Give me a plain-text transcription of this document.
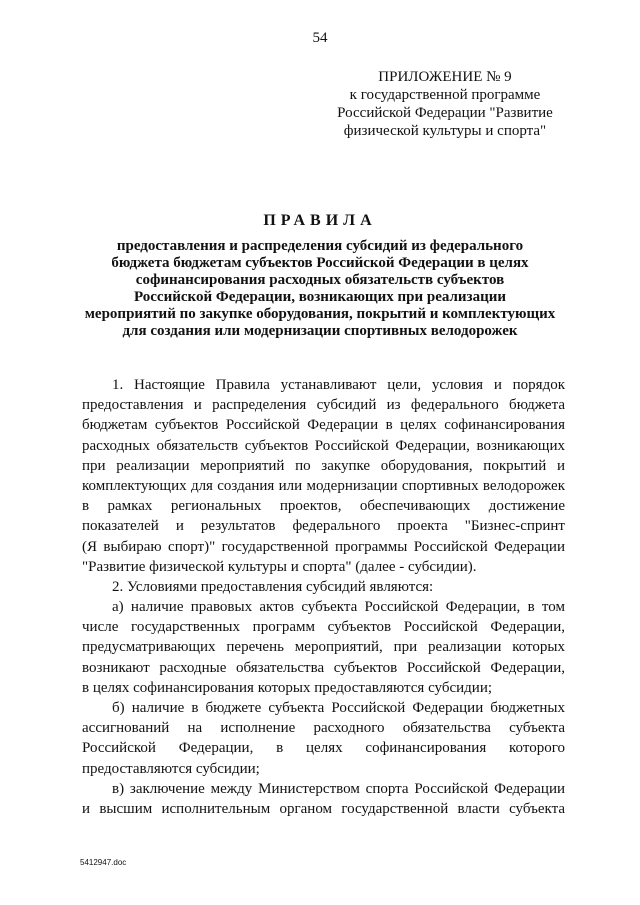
54
ПРИЛОЖЕНИЕ № 9
к государственной программе
Российской Федерации "Развитие
физической культуры и спорта"
ПРАВИЛА
предоставления и распределения субсидий из федерального
бюджета бюджетам субъектов Российской Федерации в целях
софинансирования расходных обязательств субъектов
Российской Федерации, возникающих при реализации
мероприятий по закупке оборудования, покрытий и комплектующих
для создания или модернизации спортивных велодорожек
1. Настоящие Правила устанавливают цели, условия и порядок
предоставления и распределения субсидий из федерального бюджета
бюджетам субъектов Российской Федерации в целях софинансирования
расходных обязательств субъектов Российской Федерации, возникающих
при реализации мероприятий по закупке оборудования, покрытий и
комплектующих для создания или модернизации спортивных велодорожек
в рамках региональных проектов, обеспечивающих достижение
показателей и результатов федерального проекта "Бизнес-спринт
(Я выбираю спорт)" государственной программы Российской Федерации
"Развитие физической культуры и спорта" (далее - субсидии).
2. Условиями предоставления субсидий являются:
а) наличие правовых актов субъекта Российской Федерации, в том
числе государственных программ субъектов Российской Федерации,
предусматривающих перечень мероприятий, при реализации которых
возникают расходные обязательства субъектов Российской Федерации,
в целях софинансирования которых предоставляются субсидии;
б) наличие в бюджете субъекта Российской Федерации бюджетных
ассигнований на исполнение расходного обязательства субъекта
Российской Федерации, в целях софинансирования которого
предоставляются субсидии;
в) заключение между Министерством спорта Российской Федерации
и высшим исполнительным органом государственной власти субъекта
5412947.doc
